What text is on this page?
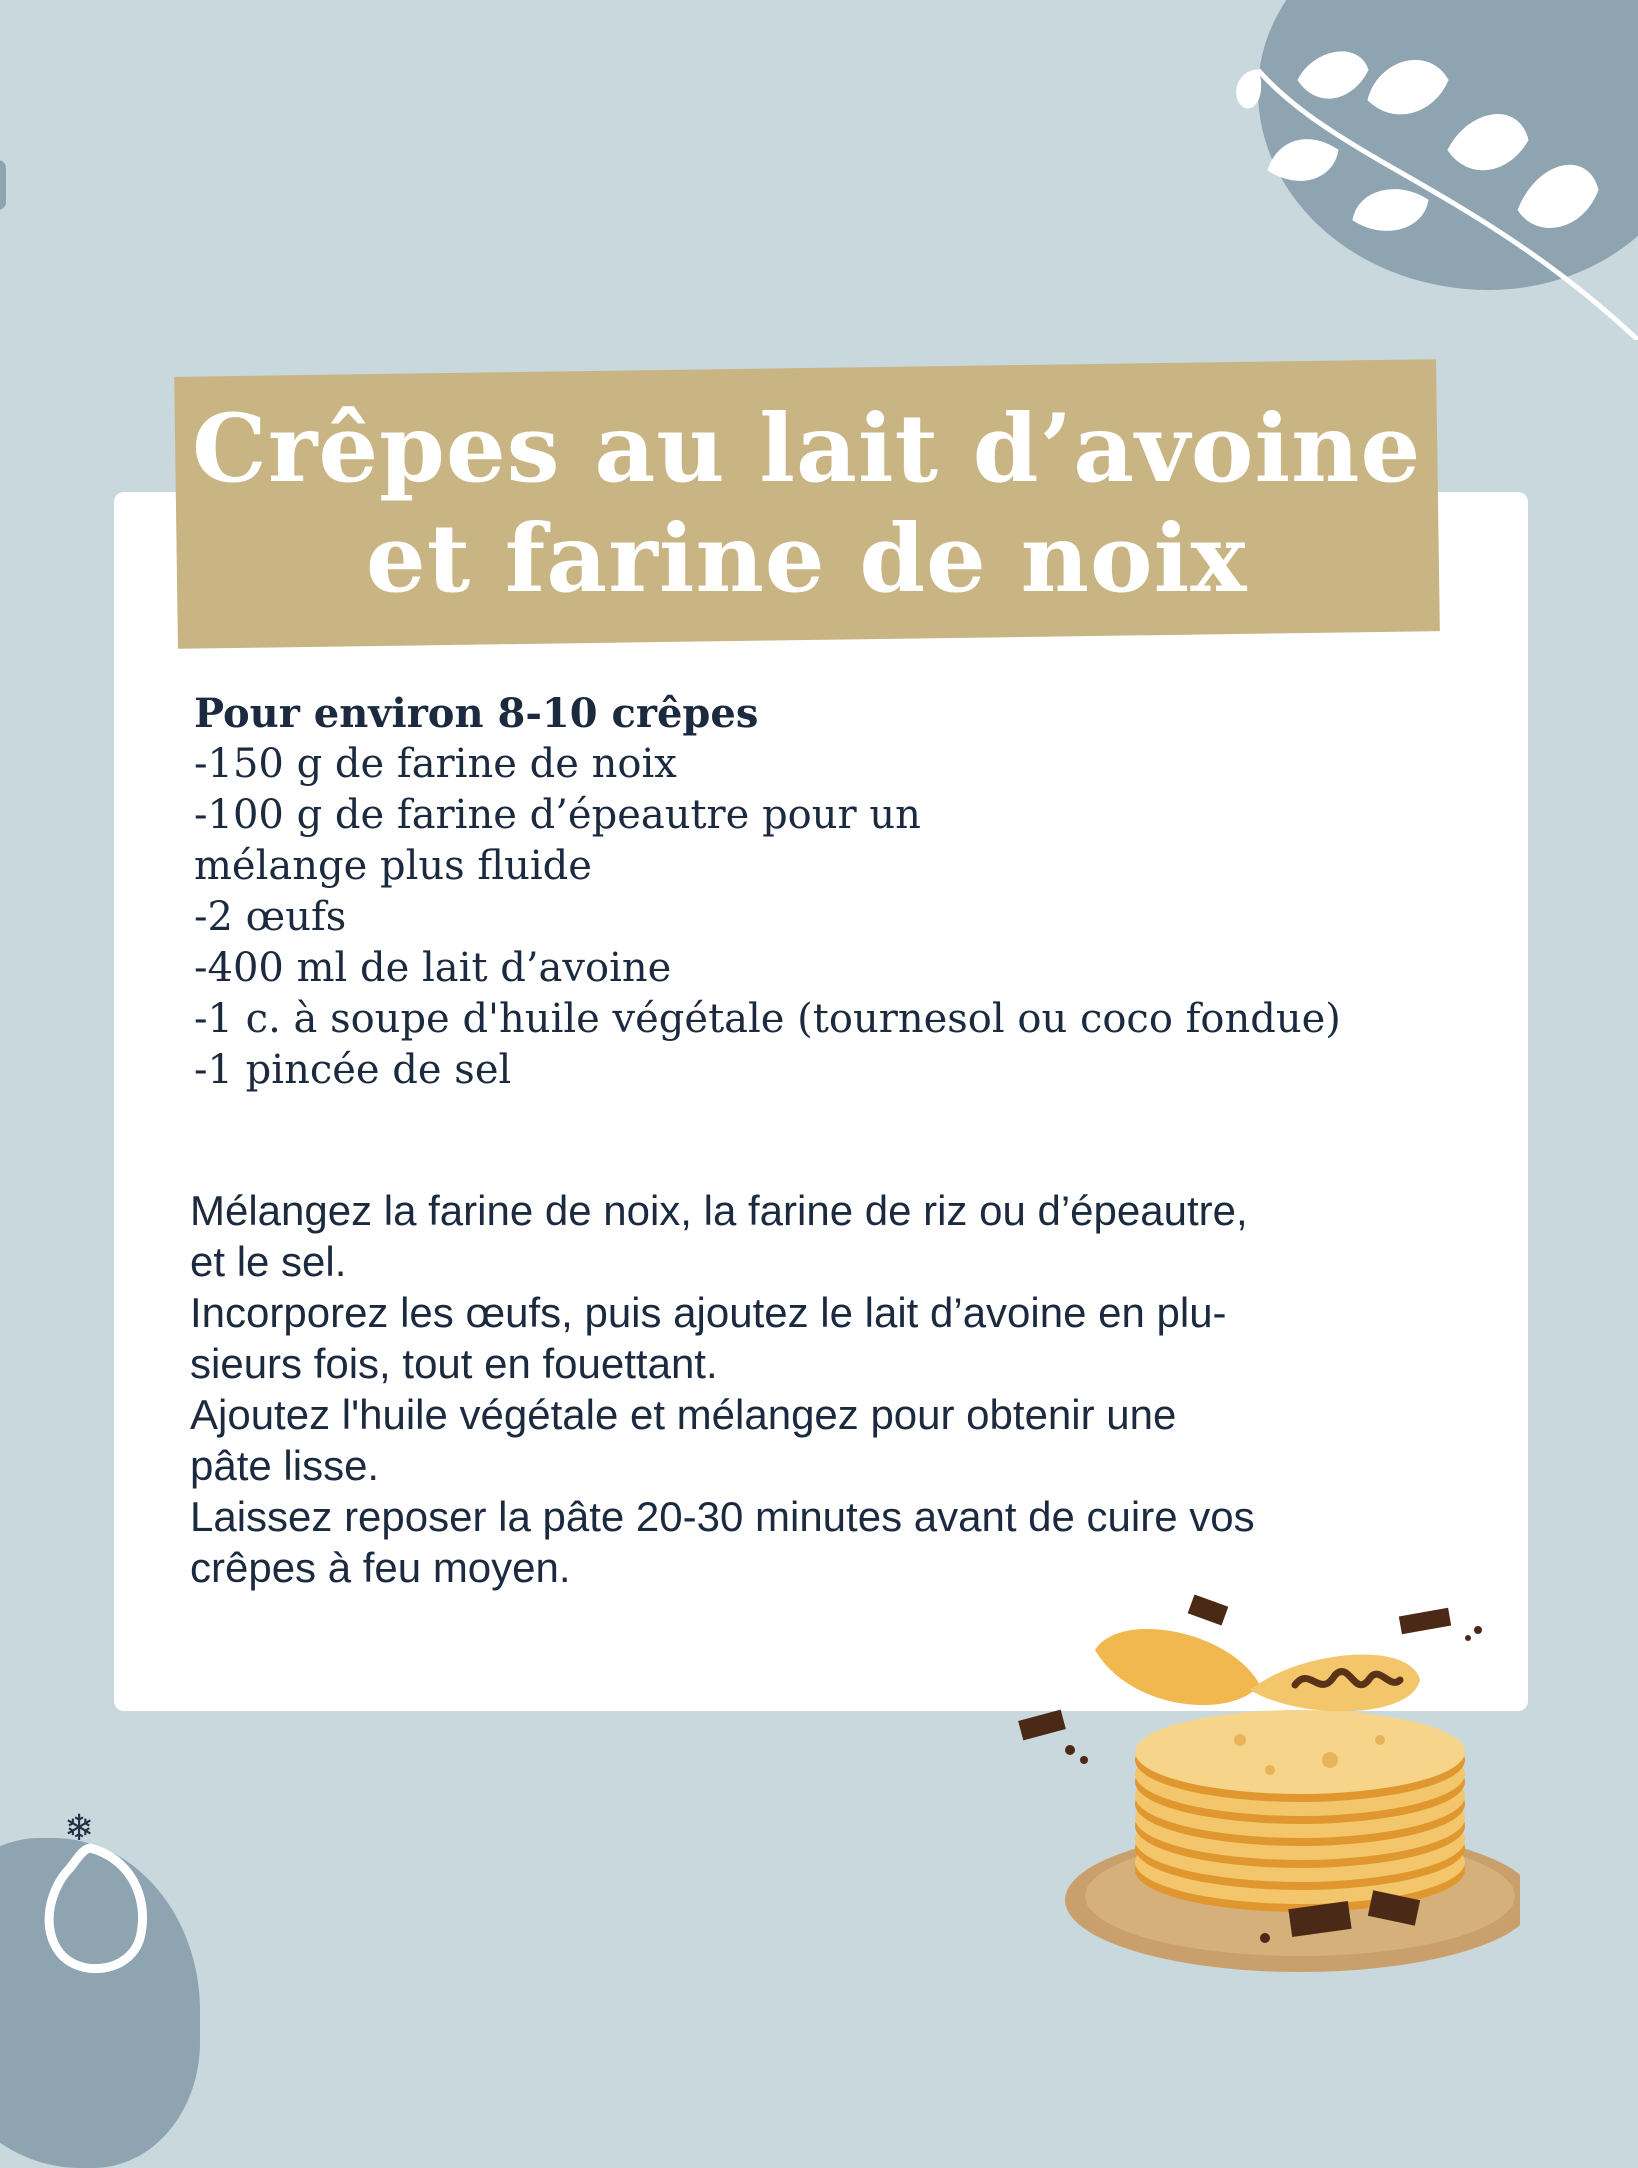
❄
Crêpes au lait d’avoine
et farine de noix
Pour environ 8-10 crêpes
-150 g de farine de noix
-100 g de farine d’épeautre pour un
mélange plus fluide
-2 œufs
-400 ml de lait d’avoine
-1 c. à soupe d'huile végétale (tournesol ou coco fondue)
-1 pincée de sel
Mélangez la farine de noix, la farine de riz ou d’épeautre,
et le sel.
Incorporez les œufs, puis ajoutez le lait d’avoine en plu-
sieurs fois, tout en fouettant.
Ajoutez l'huile végétale et mélangez pour obtenir une
pâte lisse.
Laissez reposer la pâte 20-30 minutes avant de cuire vos
crêpes à feu moyen.
